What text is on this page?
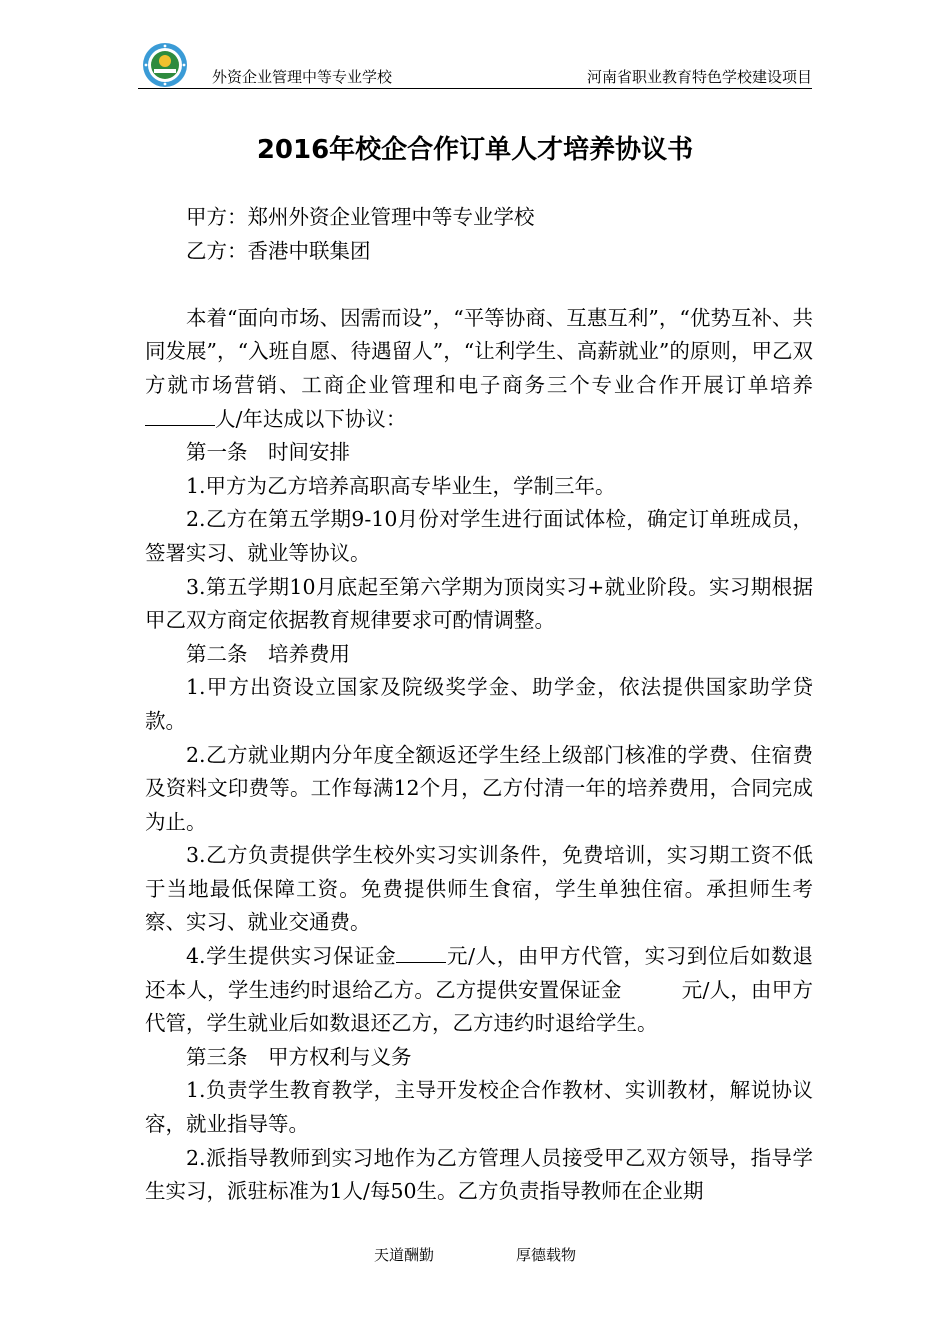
外资企业管理中等专业学校	河南省职业教育特色学校建设项目
2016年校企合作订单人才培养协议书

甲方：郑州外资企业管理中等专业学校

乙方：香港中联集团

本着“面向市场、因需而设”，“平等协商、互惠互利”，“优势互补、共同发展”，“入班自愿、待遇留人”，“让利学生、高薪就业”的原则，甲乙双方就市场营销、工商企业管理和电子商务三个专业合作开展订单培养人/年达成以下协议：

第一条　时间安排

1.甲方为乙方培养高职高专毕业生，学制三年。

2.乙方在第五学期9-10月份对学生进行面试体检，确定订单班成员，签署实习、就业等协议。

3.第五学期10月底起至第六学期为顶岗实习+就业阶段。实习期根据甲乙双方商定依据教育规律要求可酌情调整。

第二条　培养费用

1.甲方出资设立国家及院级奖学金、助学金，依法提供国家助学贷款。

2.乙方就业期内分年度全额返还学生经上级部门核准的学费、住宿费及资料文印费等。工作每满12个月，乙方付清一年的培养费用，合同完成为止。

3.乙方负责提供学生校外实习实训条件，免费培训，实习期工资不低于当地最低保障工资。免费提供师生食宿，学生单独住宿。承担师生考察、实习、就业交通费。

4.学生提供实习保证金 元/人，由甲方代管，实习到位后如数退还本人，学生违约时退给乙方。乙方提供安置保证金	元/人，由甲方代管，学生就业后如数退还乙方，乙方违约时退给学生。

第三条　甲方权利与义务

1.负责学生教育教学，主导开发校企合作教材、实训教材，解说协议容，就业指导等。

2.派指导教师到实习地作为乙方管理人员接受甲乙双方领导，指导学生实习，派驻标准为1人/每50生。乙方负责指导教师在企业期

天道酬勤	厚德载物
